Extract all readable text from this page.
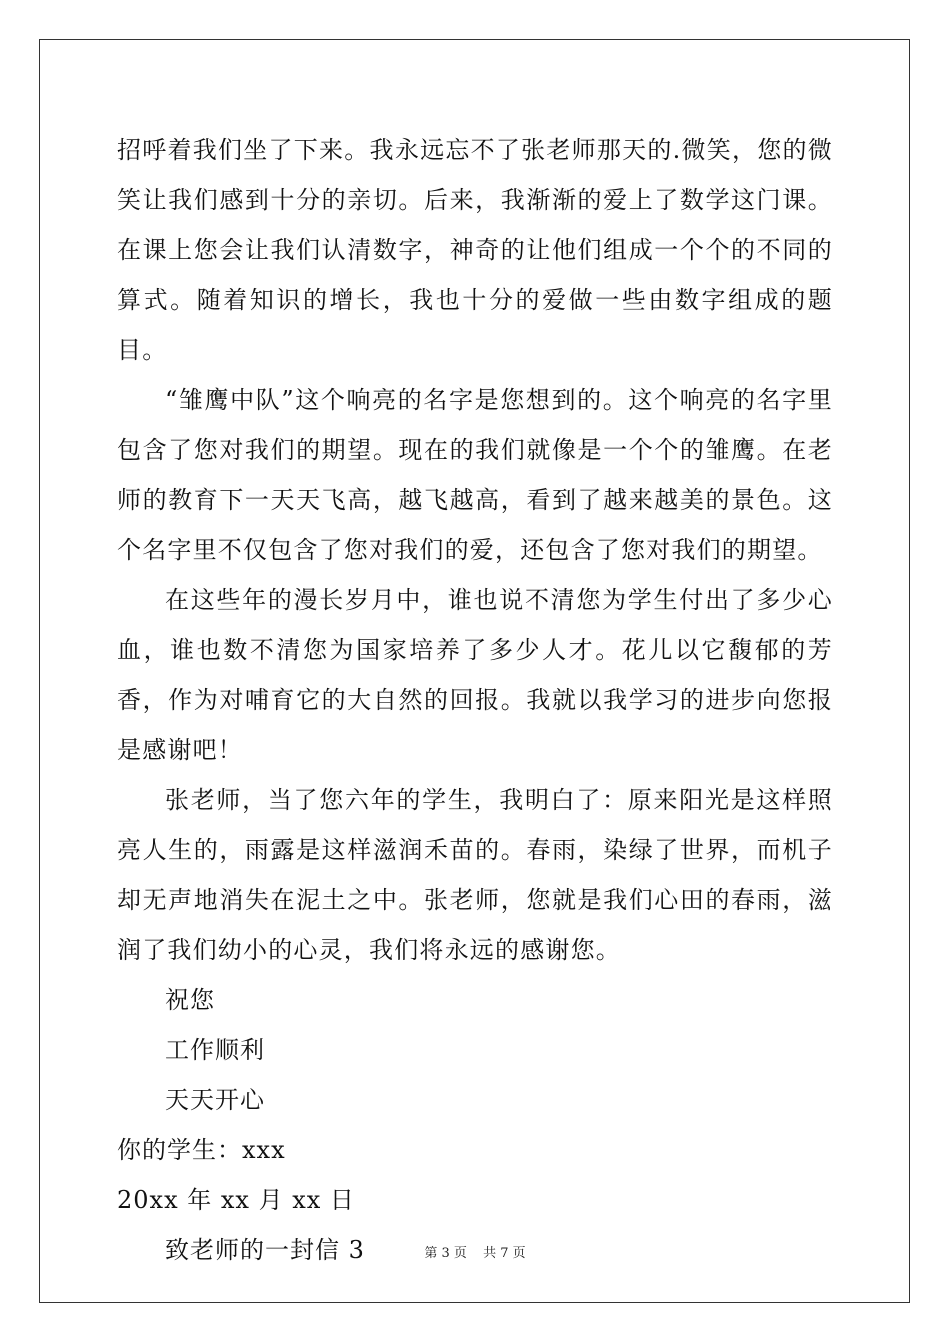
招呼着我们坐了下来。我永远忘不了张老师那天的.微笑，您的微笑让我们感到十分的亲切。后来，我渐渐的爱上了数学这门课。在课上您会让我们认清数字，神奇的让他们组成一个个的不同的算式。随着知识的增长，我也十分的爱做一些由数字组成的题目。

“雏鹰中队”这个响亮的名字是您想到的。这个响亮的名字里包含了您对我们的期望。现在的我们就像是一个个的雏鹰。在老师的教育下一天天飞高，越飞越高，看到了越来越美的景色。这个名字里不仅包含了您对我们的爱，还包含了您对我们的期望。

在这些年的漫长岁月中，谁也说不清您为学生付出了多少心血，谁也数不清您为国家培养了多少人才。花儿以它馥郁的芳香，作为对哺育它的大自然的回报。我就以我学习的进步向您报是感谢吧！

张老师，当了您六年的学生，我明白了：原来阳光是这样照亮人生的，雨露是这样滋润禾苗的。春雨，染绿了世界，而机子却无声地消失在泥土之中。张老师，您就是我们心田的春雨，滋润了我们幼小的心灵，我们将永远的感谢您。

祝您

工作顺利

天天开心

你的学生：xxx

20xx 年 xx 月 xx 日

致老师的一封信 3	第 3 页 共 7 页
